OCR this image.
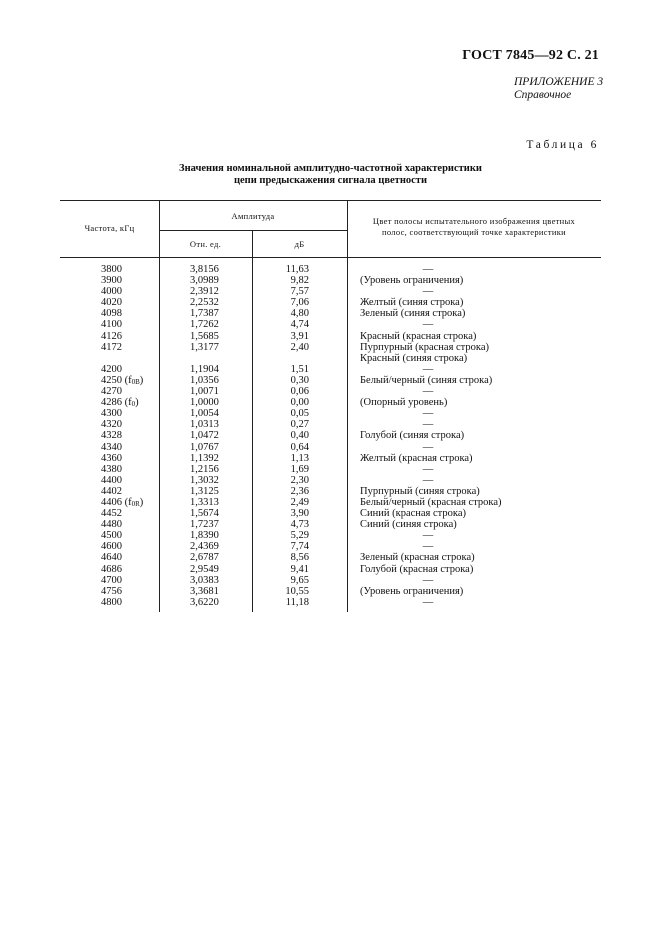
ГОСТ 7845—92 С. 21
ПРИЛОЖЕНИЕ 3
Справочное
Таблица 6
Значения номинальной амплитудно-частотной характеристики
цепи предыскажения сигнала цветности
Частота, кГц
Амплитуда
Отн. ед.	дБ
Цвет полосы испытательного изображения цветных
полос, соответствующий точке характеристики
3800	3,8156	11,63	—
3900	3,0989	9,82	(Уровень ограничения)
4000	2,3912	7,57	—
4020	2,2532	7,06	Желтый (синяя строка)
4098	1,7387	4,80	Зеленый (синяя строка)
4100	1,7262	4,74	—
4126	1,5685	3,91	Красный (красная строка)
4172	1,3177	2,40	Пурпурный (красная строка)
Красный (синяя строка)
4200	1,1904	1,51	—
4250 $(f_{0B})$	1,0356	0,30	Белый/черный (синяя строка)
4270	1,0071	0,06	—
4286 $(f_0)$	1,0000	0,00	(Опорный уровень)
4300	1,0054	0,05	—
4320	1,0313	0,27	—
4328	1,0472	0,40	Голубой (синяя строка)
4340	1,0767	0,64	—
4360	1,1392	1,13	Желтый (красная строка)
4380	1,2156	1,69	—
4400	1,3032	2,30	—
4402	1,3125	2,36	Пурпурный (синяя строка)
4406 $(f_{0R})$	1,3313	2,49	Белый/черный (красная строка)
4452	1,5674	3,90	Синий (красная строка)
4480	1,7237	4,73	Синий (синяя строка)
4500	1,8390	5,29	—
4600	2,4369	7,74	—
4640	2,6787	8,56	Зеленый (красная строка)
4686	2,9549	9,41	Голубой (красная строка)
4700	3,0383	9,65	—
4756	3,3681	10,55	(Уровень ограничения)
4800	3,6220	11,18	—
